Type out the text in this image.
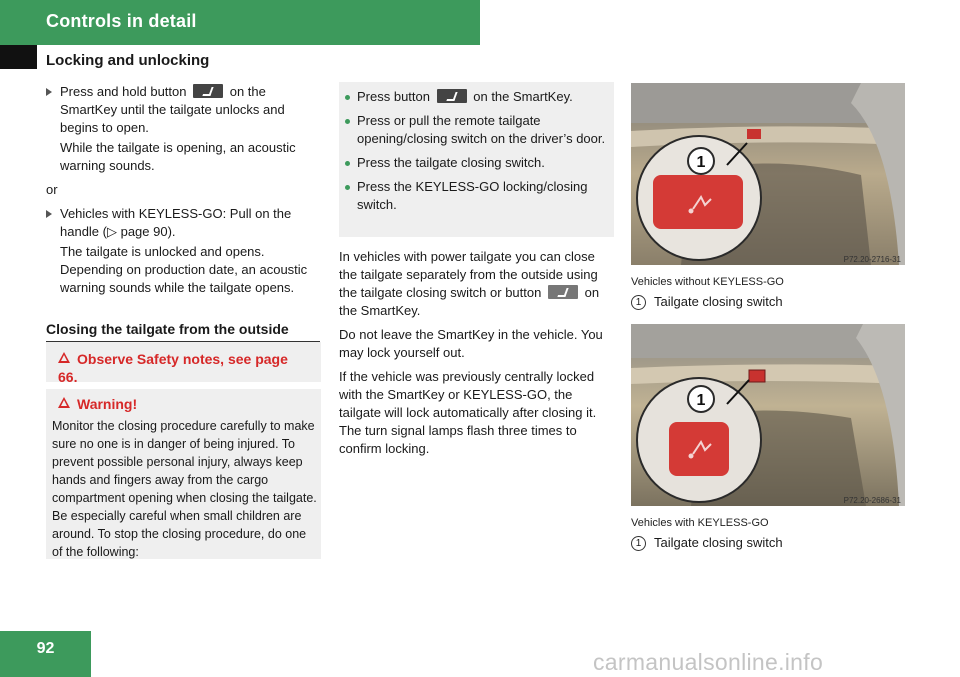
Controls in detail
Locking and unlocking
Press and hold button	on the SmartKey until the tailgate unlocks and begins to open.
While the tailgate is opening, an acoustic warning sounds.
or
Vehicles with KEYLESS-GO: Pull on the handle (▷ page 90).
The tailgate is unlocked and opens. Depending on production date, an acoustic warning sounds while the tailgate opens.
Closing the tailgate from the outside
Observe Safety notes, see page 66.
Warning!
Monitor the closing procedure carefully to make sure no one is in danger of being injured. To prevent possible personal injury, always keep hands and fingers away from the cargo compartment opening when closing the tailgate. Be especially careful when small children are around. To stop the closing procedure, do one of the following:
Press button	on the SmartKey.
Press or pull the remote tailgate opening/closing switch on the driver’s door.
Press the tailgate closing switch.
Press the KEYLESS-GO locking/closing switch.

In vehicles with power tailgate you can close the tailgate separately from the outside using the tailgate closing switch or button	on the SmartKey.

Do not leave the SmartKey in the vehicle. You may lock yourself out.

If the vehicle was previously centrally locked with the SmartKey or KEYLESS-GO, the tailgate will lock automatically after closing it. The turn signal lamps flash three times to confirm locking.

1
P72.20-2716-31
Vehicles without KEYLESS-GO
1 Tailgate closing switch
1
P72.20-2686-31
Vehicles with KEYLESS-GO
1 Tailgate closing switch
92
carmanualsonline.info
